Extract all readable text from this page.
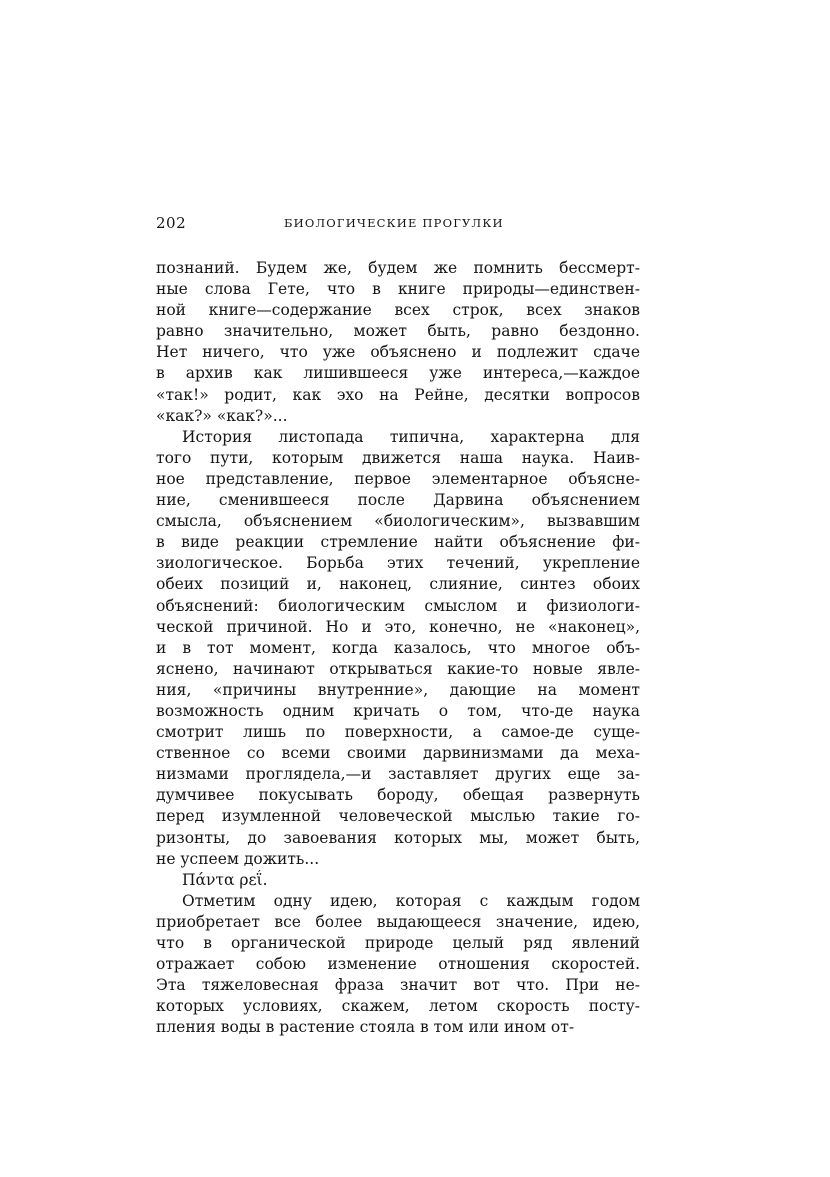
202	БИОЛОГИЧЕСКИЕ ПРОГУЛКИ
познаний. Будем же, будем же помнить бессмерт-
ные слова Гете, что в книге природы—единствен-
ной книге—содержание всех строк, всех знаков
равно значительно, может быть, равно бездонно.
Нет ничего, что уже объяснено и подлежит сдаче
в архив как лишившееся уже интереса,—каждое
«так!» родит, как эхо на Рейне, десятки вопросов
«как?» «как?»...
История листопада типична, характерна для
того пути, которым движется наша наука. Наив-
ное представление, первое элементарное объясне-
ние, сменившееся после Дарвина объяснением
смысла, объяснением «биологическим», вызвавшим
в виде реакции стремление найти объяснение фи-
зиологическое. Борьба этих течений, укрепление
обеих позиций и, наконец, слияние, синтез обоих
объяснений: биологическим смыслом и физиологи-
ческой причиной. Но и это, конечно, не «наконец»,
и в тот момент, когда казалось, что многое объ-
яснено, начинают открываться какие-то новые явле-
ния, «причины внутренние», дающие на момент
возможность одним кричать о том, что-де наука
смотрит лишь по поверхности, а самое-де суще-
ственное со всеми своими дарвинизмами да меха-
низмами проглядела,—и заставляет других еще за-
думчивее покусывать бороду, обещая развернуть
перед изумленной человеческой мыслью такие го-
ризонты, до завоевания которых мы, может быть,
не успеем дожить...
Πάντα ρεΐ.
Отметим одну идею, которая с каждым годом
приобретает все более выдающееся значение, идею,
что в органической природе целый ряд явлений
отражает собою изменение отношения скоростей.
Эта тяжеловесная фраза значит вот что. При не-
которых условиях, скажем, летом скорость посту-
пления воды в растение стояла в том или ином от-
